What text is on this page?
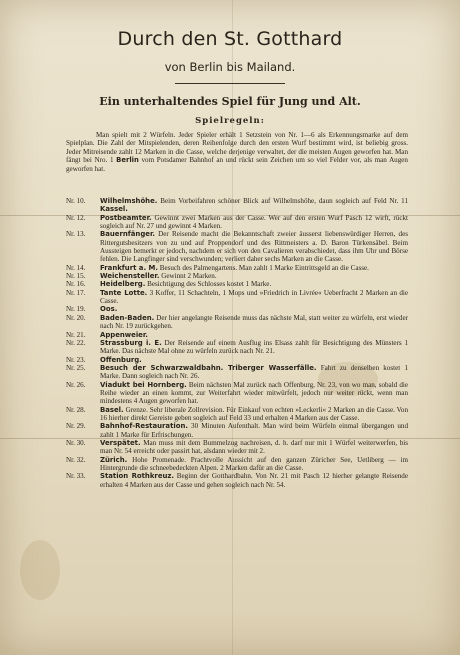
Durch den St. Gotthard
von Berlin bis Mailand.
Ein unterhaltendes Spiel für Jung und Alt.
Spielregeln:
Man spielt mit 2 Würfeln. Jeder Spieler erhält 1 Setzstein von Nr. 1—6 als Erkennungsmarke auf dem Spielplan. Die Zahl der Mitspielenden, deren Reihenfolge durch den ersten Wurf bestimmt wird, ist beliebig gross. Jeder Mitreisende zahlt 12 Marken in die Casse, welche derjenige verwaltet, der die meisten Augen geworfen hat. Man fängt bei Nro. 1 Berlin vom Potsdamer Bahnhof an und rückt sein Zeichen um so viel Felder vor, als man Augen geworfen hat.
Nr. 10.	Wilhelmshöhe. Beim Vorbeifahren schöner Blick auf Wilhelmshöhe, daun sogleich auf Feld Nr. 11 Kassel.
Nr. 12.	Postbeamter. Gewinnt zwei Marken aus der Casse. Wer auf den ersten Wurf Pasch 12 wirft, rückt sogleich auf Nr. 27 und gewinnt 4 Marken.
Nr. 13.	Bauernfänger. Der Reisende macht die Bekanntschaft zweier äusserst liebenswürdiger Herren, des Rittergutsbesitzers von zu und auf Proppendorf und des Rittmeisters a. D. Baron Türkensäbel. Beim Aussteigen bemerkt er jedoch, nachdem er sich von den Cavalieren verabschiedet, dass ihm Uhr und Börse fehlen. Die Langfinger sind verschwunden; verliert daher sechs Marken an die Casse.
Nr. 14.	Frankfurt a. M. Besuch des Palmengartens. Man zahlt 1 Marke Eintrittsgeld an die Casse.
Nr. 15.	Weichensteller. Gewinnt 2 Marken.
Nr. 16.	Heidelberg. Besichtigung des Schlosses kostet 1 Marke.
Nr. 17.	Tante Lotte. 3 Koffer, 11 Schachteln, 1 Mops und »Friedrich in Livrée« Ueberfracht 2 Marken an die Casse.
Nr. 19.	Oos.
Nr. 20.	Baden-Baden. Der hier angelangte Reisende muss das nächste Mal, statt weiter zu würfeln, erst wieder nach Nr. 19 zurückgehen.
Nr. 21.	Appenweier.
Nr. 22.	Strassburg i. E. Der Reisende auf einem Ausflug ins Elsass zahlt für Besichtigung des Münsters 1 Marke. Das nächste Mal ohne zu würfeln zurück nach Nr. 21.
Nr. 23.	Offenburg.
Nr. 25.	Besuch der Schwarzwaldbahn. Triberger Wasserfälle. Fahrt zu denselben kostet 1 Marke. Dann sogleich nach Nr. 26.
Nr. 26.	Viadukt bei Hornberg. Beim nächsten Mal zurück nach Offenburg, Nr. 23, von wo man, sobald die Reihe wieder an einen kommt, zur Weiterfahrt wieder mitwürfelt, jedoch nur weiter rückt, wenn man mindestens 4 Augen geworfen hat.
Nr. 28.	Basel. Grenze. Sehr liberale Zollrevision. Für Einkauf von echten »Leckerli« 2 Marken an die Casse. Von 16 hierher direkt Gereiste geben sogleich auf Feld 33 und erhalten 4 Marken aus der Casse.
Nr. 29.	Bahnhof-Restauration. 30 Minuten Aufenthalt. Man wird beim Würfeln einmal übergangen und zahlt 1 Marke für Erfrischungen.
Nr. 30.	Verspätet. Man muss mit dem Bummelzug nachreisen, d. h. darf nur mit 1 Würfel weiterwerfen, bis man Nr. 54 erreicht oder passirt hat, alsdann wieder mit 2.
Nr. 32.	Zürich. Hohe Promenade. Prachtvolle Aussicht auf den ganzen Züricher See, Uetliberg — im Hintergrunde die schneebedeckten Alpen. 2 Marken dafür an die Casse.
Nr. 33.	Station Rothkreuz. Beginn der Gotthardbahn. Von Nr. 21 mit Pasch 12 hierher gelangte Reisende erhalten 4 Marken aus der Casse und gehen sogleich nach Nr. 54.
